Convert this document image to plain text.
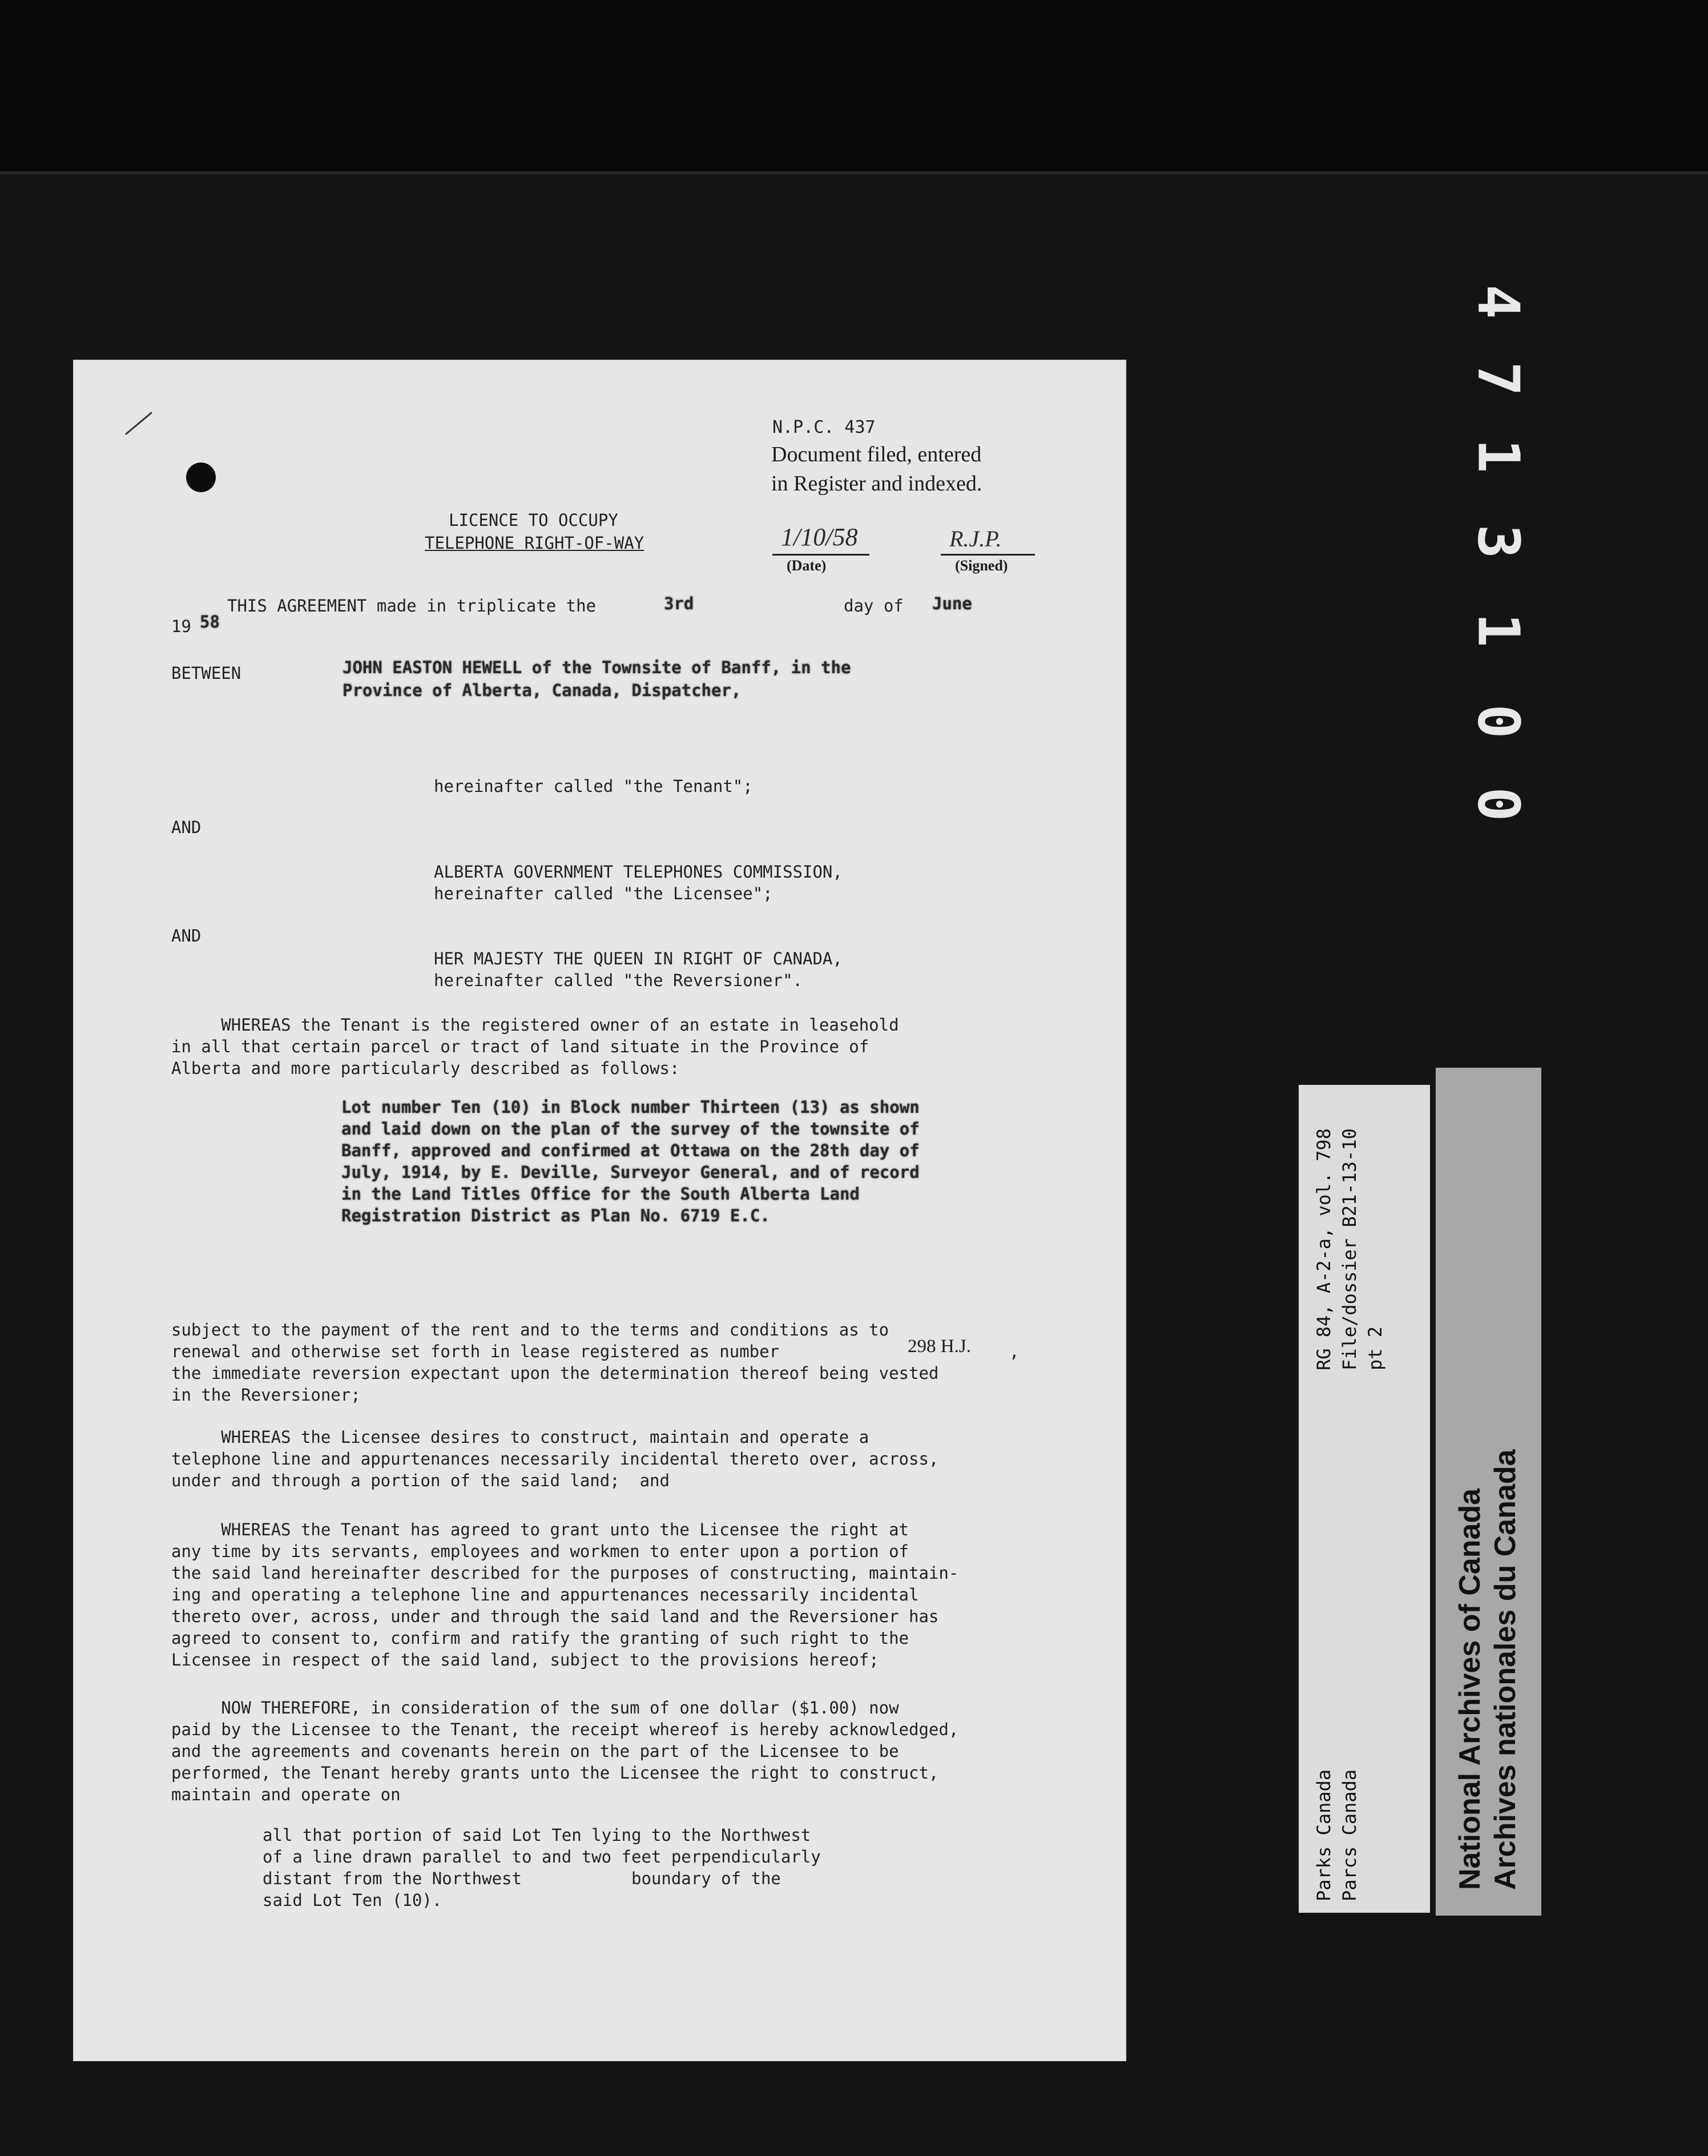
0
0
1
3
1
7
4
N.P.C. 437
Document filed, entered
in Register and indexed.
1/10/58
(Date)
R.J.P.
(Signed)
LICENCE TO OCCUPY
TELEPHONE RIGHT-OF-WAY
THIS AGREEMENT made in triplicate the	3rd	day of June
19 58
BETWEEN	JOHN EASTON HEWELL of the Townsite of Banff, in the
Province of Alberta, Canada, Dispatcher,
hereinafter called "the Tenant";
AND
ALBERTA GOVERNMENT TELEPHONES COMMISSION,
hereinafter called "the Licensee";
AND
HER MAJESTY THE QUEEN IN RIGHT OF CANADA,
hereinafter called "the Reversioner".
WHEREAS the Tenant is the registered owner of an estate in leasehold
in all that certain parcel or tract of land situate in the Province of
Alberta and more particularly described as follows:
Lot number Ten (10) in Block number Thirteen (13) as shown
and laid down on the plan of the survey of the townsite of
Banff, approved and confirmed at Ottawa on the 28th day of
July, 1914, by E. Deville, Surveyor General, and of record
in the Land Titles Office for the South Alberta Land
Registration District as Plan No. 6719 E.C.
subject to the payment of the rent and to the terms and conditions as to
renewal and otherwise set forth in lease registered as number	298 H.J. ,
the immediate reversion expectant upon the determination thereof being vested
in the Reversioner;
WHEREAS the Licensee desires to construct, maintain and operate a
telephone line and appurtenances necessarily incidental thereto over, across,
under and through a portion of the said land;  and
WHEREAS the Tenant has agreed to grant unto the Licensee the right at
any time by its servants, employees and workmen to enter upon a portion of
the said land hereinafter described for the purposes of constructing, maintain-
ing and operating a telephone line and appurtenances necessarily incidental
thereto over, across, under and through the said land and the Reversioner has
agreed to consent to, confirm and ratify the granting of such right to the
Licensee in respect of the said land, subject to the provisions hereof;
NOW THEREFORE, in consideration of the sum of one dollar ($1.00) now
paid by the Licensee to the Tenant, the receipt whereof is hereby acknowledged,
and the agreements and covenants herein on the part of the Licensee to be
performed, the Tenant hereby grants unto the Licensee the right to construct,
maintain and operate on
all that portion of said Lot Ten lying to the Northwest
of a line drawn parallel to and two feet perpendicularly
distant from the Northwest           boundary of the
said Lot Ten (10).
RG 84, A-2-a, vol. 798 File/dossier B21-13-10 pt 2
Parks Canada Parcs Canada	National Archives of Canada Archives nationales du Canada
